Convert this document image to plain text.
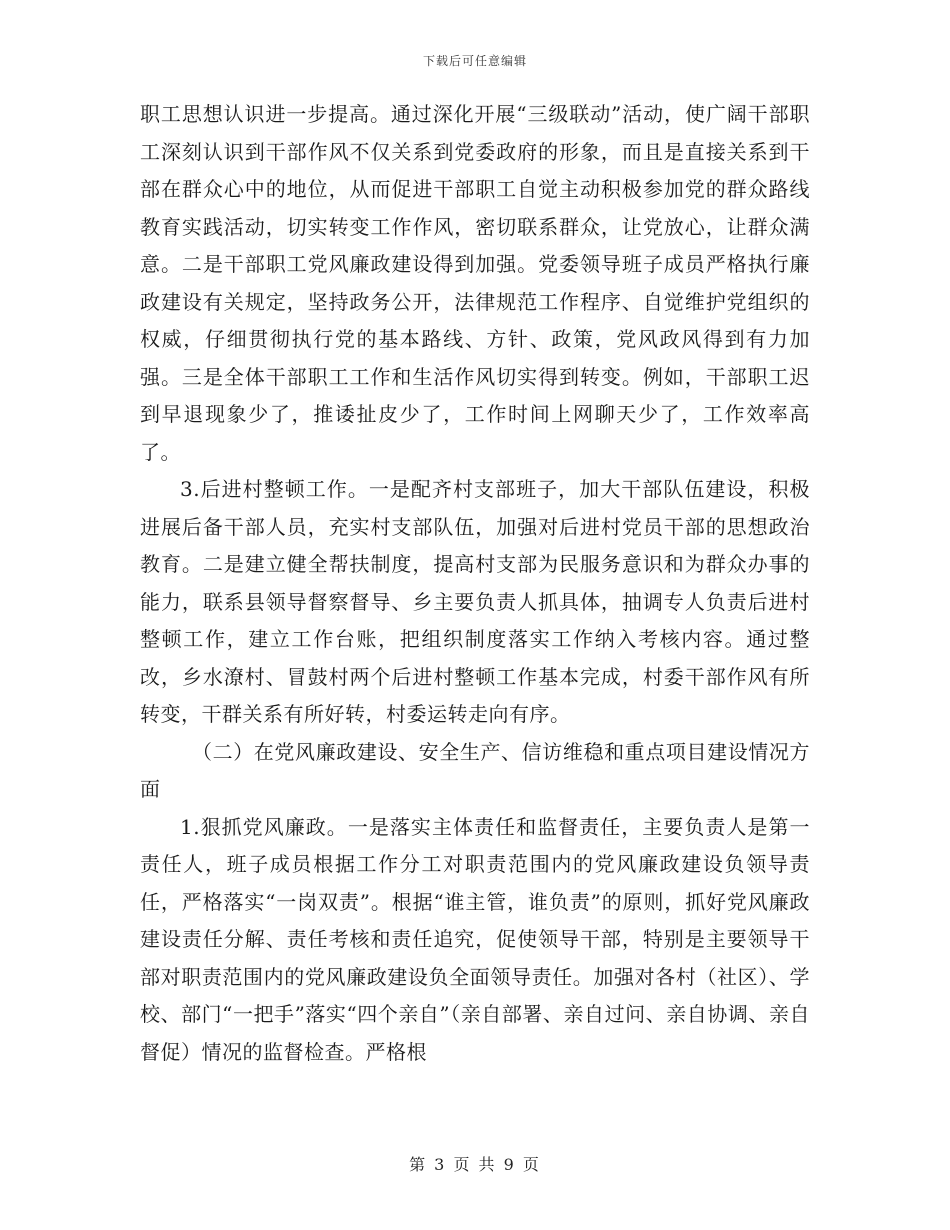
下载后可任意编辑

职工思想认识进一步提高。通过深化开展“三级联动”活动，使广阔干部职工深刻认识到干部作风不仅关系到党委政府的形象，而且是直接关系到干部在群众心中的地位，从而促进干部职工自觉主动积极参加党的群众路线教育实践活动，切实转变工作作风，密切联系群众，让党放心，让群众满意。二是干部职工党风廉政建设得到加强。党委领导班子成员严格执行廉政建设有关规定，坚持政务公开，法律规范工作程序、自觉维护党组织的权威，仔细贯彻执行党的基本路线、方针、政策，党风政风得到有力加强。三是全体干部职工工作和生活作风切实得到转变。例如，干部职工迟到早退现象少了，推诿扯皮少了，工作时间上网聊天少了，工作效率高了。

3.后进村整顿工作。一是配齐村支部班子，加大干部队伍建设，积极进展后备干部人员，充实村支部队伍，加强对后进村党员干部的思想政治教育。二是建立健全帮扶制度，提高村支部为民服务意识和为群众办事的能力，联系县领导督察督导、乡主要负责人抓具体，抽调专人负责后进村整顿工作，建立工作台账，把组织制度落实工作纳入考核内容。通过整改，乡水潦村、冒鼓村两个后进村整顿工作基本完成，村委干部作风有所转变，干群关系有所好转，村委运转走向有序。

（二）在党风廉政建设、安全生产、信访维稳和重点项目建设情况方面

1.狠抓党风廉政。一是落实主体责任和监督责任，主要负责人是第一责任人，班子成员根据工作分工对职责范围内的党风廉政建设负领导责任，严格落实“一岗双责”。根据“谁主管，谁负责”的原则，抓好党风廉政建设责任分解、责任考核和责任追究，促使领导干部，特别是主要领导干部对职责范围内的党风廉政建设负全面领导责任。加强对各村（社区）、学校、部门“一把手”落实“四个亲自”（亲自部署、亲自过问、亲自协调、亲自督促）情况的监督检查。严格根

第 3 页 共 9 页
